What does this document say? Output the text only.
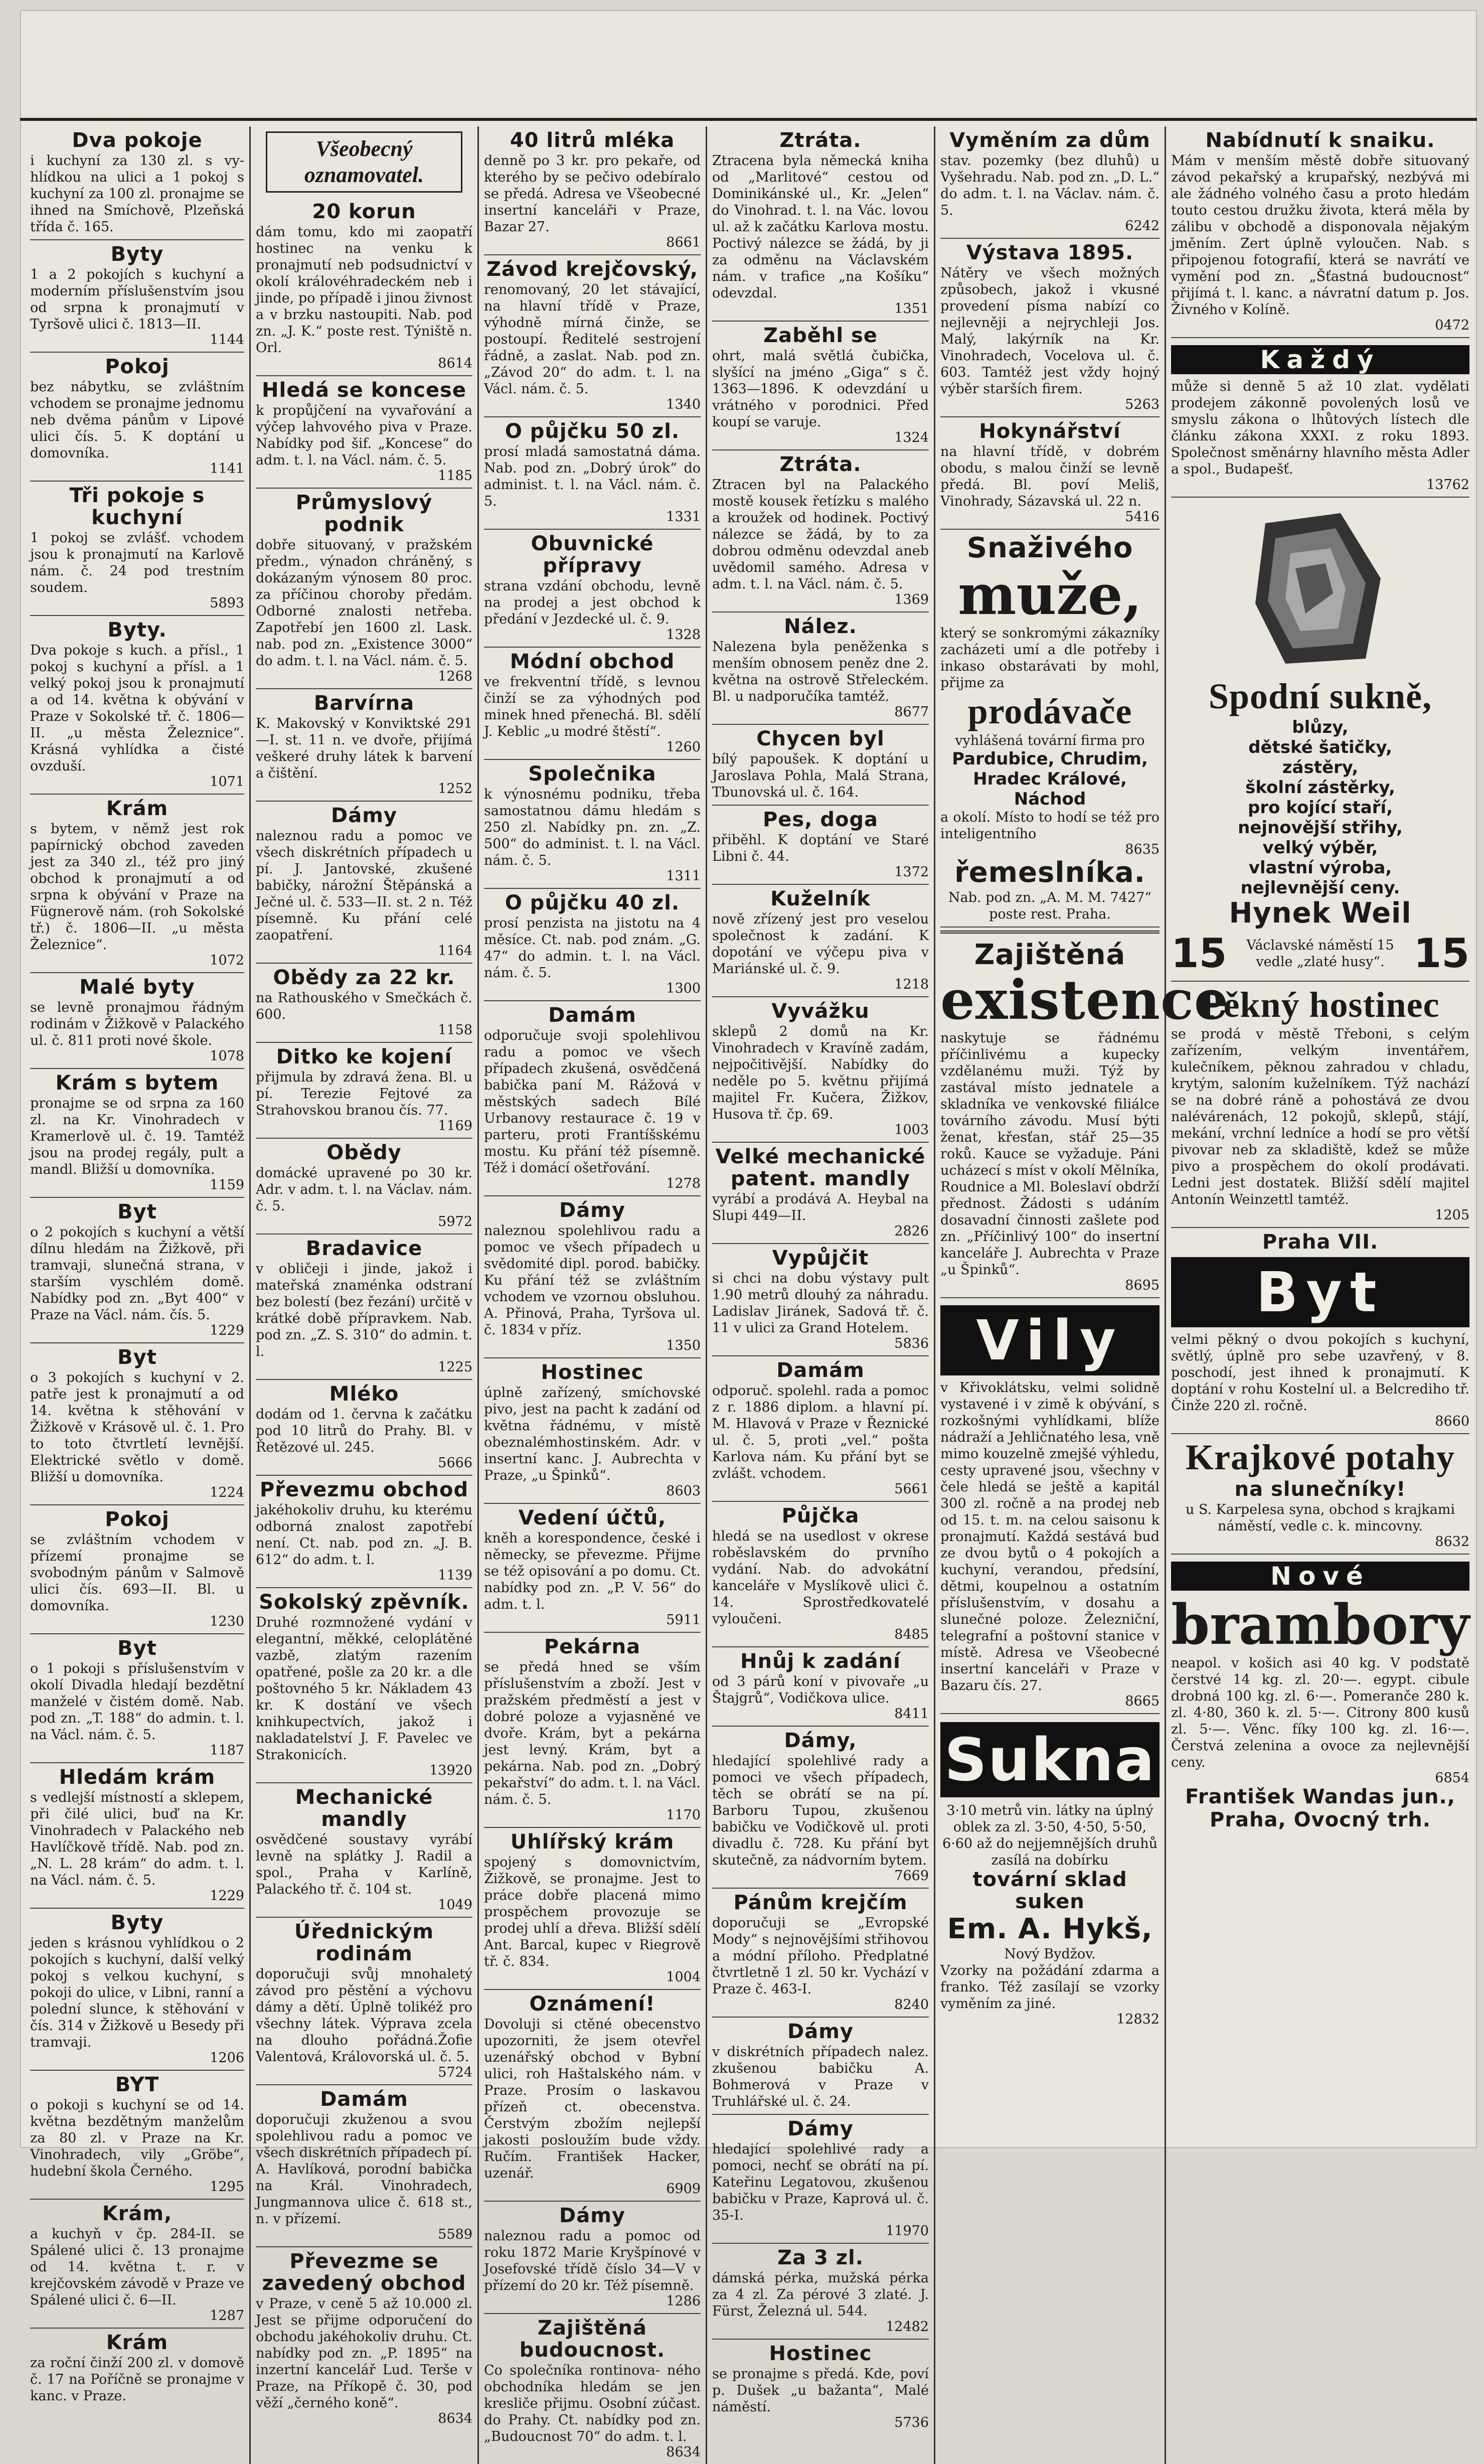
Dva pokoje
i kuchyní za 130 zl. s vy- hlídkou na ulici a 1 pokoj s kuchyní za 100 zl. pronajme se ihned na Smíchově, Plzeňská třída č. 165.
Byty
1 a 2 pokojích s kuchyní a moderním příslušenstvím jsou od srpna k pronajmutí v Tyršově ulici č. 1813—II.
1144
Pokoj
bez nábytku, se zvláštním vchodem se pronajme jednomu neb dvěma pánům v Lipové ulici čís. 5. K doptání u domovníka.
1141
Tři pokoje s kuchyní
1 pokoj se zvlášť. vchodem jsou k pronajmutí na Karlově nám. č. 24 pod trestním soudem.
5893
Byty.
Dva pokoje s kuch. a přísl., 1 pokoj s kuchyní a přísl. a 1 velký pokoj jsou k pronajmutí a od 14. května k obývání v Praze v Sokolské tř. č. 1806—II. „u města Železnice“. Krásná vyhlídka a čisté ovzduší.
1071
Krám
s bytem, v němž jest rok papírnický obchod zaveden jest za 340 zl., též pro jiný obchod k pronajmutí a od srpna k obývání v Praze na Fügnerově nám. (roh Sokolské tř.) č. 1806—II. „u města Železnice“.
1072
Malé byty
se levně pronajmou řádným rodinám v Žižkově v Palackého ul. č. 811 proti nové škole.
1078
Krám s bytem
pronajme se od srpna za 160 zl. na Kr. Vinohradech v Kramerlově ul. č. 19. Tamtéž jsou na prodej regály, pult a mandl. Bližší u domovníka.
1159
Byt
o 2 pokojích s kuchyní a větší dílnu hledám na Žižkově, při tramvaji, slunečná strana, v starším vyschlém domě. Nabídky pod zn. „Byt 400“ v Praze na Václ. nám. čís. 5.
1229
Byt
o 3 pokojích s kuchyní v 2. patře jest k pronajmutí a od 14. května k stěhování v Žižkově v Krásově ul. č. 1. Pro to toto čtvrtletí levnější. Elektrické světlo v domě. Bližší u domovníka.
1224
Pokoj
se zvláštním vchodem v přízemí pronajme se svobodným pánům v Salmově ulici čís. 693—II. Bl. u domovníka.
1230
Byt
o 1 pokoji s příslušenstvím v okolí Divadla hledají bezdětní manželé v čistém domě. Nab. pod zn. „T. 188“ do admin. t. l. na Václ. nám. č. 5.
1187
Hledám krám
s vedlejší místností a sklepem, při čilé ulici, buď na Kr. Vinohradech v Palackého neb Havlíčkově třídě. Nab. pod zn. „N. L. 28 krám“ do adm. t. l. na Václ. nám. č. 5.
1229
Byty
jeden s krásnou vyhlídkou o 2 pokojích s kuchyní, další velký pokoj s velkou kuchyní, s pokoji do ulice, v Libni, ranní a polední slunce, k stěhování v čís. 314 v Žižkově u Besedy při tramvaji.
1206
BYT
o pokoji s kuchyní se od 14. května bezdětným manželům za 80 zl. v Praze na Kr. Vinohradech, vily „Gröbe“, hudební škola Černého.
1295
Krám,
a kuchyň v čp. 284-II. se Spálené ulici č. 13 pronajme od 14. května t. r. v krejčovském závodě v Praze ve Spálené ulici č. 6—II.
1287
Krám
za roční činží 200 zl. v domově č. 17 na Poříčně se pronajme v kanc. v Praze.
Všeobecný oznamovatel.
20 korun
dám tomu, kdo mi zaopatří hostinec na venku k pronajmutí neb podsudnictví v okolí královéhradeckém neb i jinde, po případě i jinou živnost a v brzku nastoupiti. Nab. pod zn. „J. K.“ poste rest. Týniště n. Orl.
8614
Hledá se koncese
k propůjčení na vyvařování a výčep lahvového piva v Praze. Nabídky pod šif. „Koncese“ do adm. t. l. na Václ. nám. č. 5.
1185
Průmyslový podnik
dobře situovaný, v pražském předm., výnadon chráněný, s dokázaným výnosem 80 proc. za příčinou choroby předám. Odborné znalosti netřeba. Zapotřebí jen 1600 zl. Lask. nab. pod zn. „Existence 3000“ do adm. t. l. na Václ. nám. č. 5.
1268
Barvírna
K. Makovský v Konviktské 291—I. st. 11 n. ve dvoře, přijímá veškeré druhy látek k barvení a čištění.
1252
Dámy
naleznou radu a pomoc ve všech diskrétních případech u pí. J. Jantovské, zkušené babičky, nárožní Štěpánská a Ječné ul. č. 533—II. st. 2 n. Též písemně. Ku přání celé zaopatření.
1164
Obědy za 22 kr.
na Rathouského v Smečkách č. 600.
1158
Ditko ke kojení
přijmula by zdravá žena. Bl. u pí. Terezie Fejtové za Strahovskou branou čís. 77.
1169
Obědy
domácké upravené po 30 kr. Adr. v adm. t. l. na Václav. nám. č. 5.
5972
Bradavice
v obličeji i jinde, jakož i mateřská znaménka odstraní bez bolestí (bez řezání) určitě v krátké době přípravkem. Nab. pod zn. „Z. S. 310“ do admin. t. l.
1225
Mléko
dodám od 1. června k začátku pod 10 litrů do Prahy. Bl. v Řetězové ul. 245.
5666
Převezmu obchod
jakéhokoliv druhu, ku kterému odborná znalost zapotřebí není. Ct. nab. pod zn. „J. B. 612“ do adm. t. l.
1139
Sokolský zpěvník.
Druhé rozmnožené vydání v elegantní, měkké, celoplátěné vazbě, zlatým razením opatřené, pošle za 20 kr. a dle poštovného 5 kr. Nákladem 43 kr. K dostání ve všech knihkupectvích, jakož i nakladatelství J. F. Pavelec ve Strakonicích.
13920
Mechanické mandly
osvědčené soustavy vyrábí levně na splátky J. Radil a spol., Praha v Karlíně, Palackého tř. č. 104 st.
1049
Úřednickým rodinám
doporučuji svůj mnohaletý závod pro pěstění a výchovu dámy a dětí. Úplně tolikéž pro všechny látek. Výprava zcela na dlouho pořádná.Žofie Valentová, Královorská ul. č. 5.
5724
Damám
doporučuji zkuženou a svou spolehlivou radu a pomoc ve všech diskrétních případech pí. A. Havlíková, porodní babička na Král. Vinohradech, Jungmannova ulice č. 618 st., n. v přízemí.
5589
Převezme se zavedený obchod
v Praze, v ceně 5 až 10.000 zl. Jest se přijme odporučení do obchodu jakéhokoliv druhu. Ct. nabídky pod zn. „P. 1895“ na inzertní kancelář Lud. Terše v Praze, na Příkopě č. 30, pod věží „černého koně“.
8634
40 litrů mléka
denně po 3 kr. pro pekaře, od kterého by se pečivo odebíralo se předá. Adresa ve Všeobecné insertní kanceláři v Praze, Bazar 27.
8661
Závod krejčovský,
renomovaný, 20 let stávající, na hlavní třídě v Praze, výhodně mírná činže, se postoupí. Ředitelé sestrojení řádně, a zaslat. Nab. pod zn. „Závod 20“ do adm. t. l. na Václ. nám. č. 5.
1340
O půjčku 50 zl.
prosí mladá samostatná dáma. Nab. pod zn. „Dobrý úrok“ do administ. t. l. na Václ. nám. č. 5.
1331
Obuvnické přípravy
strana vzdání obchodu, levně na prodej a jest obchod k předání v Jezdecké ul. č. 9.
1328
Módní obchod
ve frekventní třídě, s levnou činží se za výhodných pod minek hned přenechá. Bl. sdělí J. Keblic „u modré štěstí“.
1260
Společnika
k výnosnému podniku, třeba samostatnou dámu hledám s 250 zl. Nabídky pn. zn. „Z. 500“ do administ. t. l. na Václ. nám. č. 5.
1311
O půjčku 40 zl.
prosí penzista na jistotu na 4 měsíce. Ct. nab. pod znám. „G. 47“ do admin. t. l. na Václ. nám. č. 5.
1300
Damám
odporučuje svoji spolehlivou radu a pomoc ve všech případech zkušená, osvědčená babička paní M. Rážová v městských sadech Bílé Urbanovy restaurace č. 19 v parteru, proti Frantíšskému mostu. Ku přání též písemně. Též i domácí ošetřování.
1278
Dámy
naleznou spolehlivou radu a pomoc ve všech případech u svědomité dipl. porod. babičky. Ku přání též se zvláštním vchodem ve vzornou obsluhou. A. Přinová, Praha, Tyršova ul. č. 1834 v příz.
1350
Hostinec
úplně zařízený, smíchovské pivo, jest na pacht k zadání od května řádnému, v místě obeznalémhostinském. Adr. v insertní kanc. J. Aubrechta v Praze, „u Špinků“.
8603
Vedení účtů,
kněh a korespondence, české i německy, se převezme. Přijme se též opisování a po domu. Ct. nabídky pod zn. „P. V. 56“ do adm. t. l.
5911
Pekárna
se předá hned se vším příslušenstvím a zboží. Jest v pražském předměstí a jest v dobré poloze a vyjasněné ve dvoře. Krám, byt a pekárna jest levný. Krám, byt a pekárna. Nab. pod zn. „Dobrý pekařství“ do adm. t. l. na Václ. nám. č. 5.
1170
Uhlířský krám
spojený s domovnictvím, Žižkově, se pronajme. Jest to práce dobře placená mimo prospěchem provozuje se prodej uhlí a dřeva. Bližší sdělí Ant. Barcal, kupec v Riegrově tř. č. 834.
1004
Oznámení!
Dovoluji si ctěné obecenstvo upozorniti, že jsem otevřel uzenářský obchod v Bybní ulici, roh Haštalského nám. v Praze. Prosím o laskavou přízeň ct. obecenstva. Čerstvým zbožím nejlepší jakosti posloužím bude vždy. Ručím. František Hacker, uzenář.
6909
Dámy
naleznou radu a pomoc od roku 1872 Marie Kryšpínové v Josefovské třídě číslo 34—V v přízemí do 20 kr. Též písemně.
1286
Zajištěná budoucnost.
Co společníka rontinova- ného obchodníka hledám se jen kresliče přijmu. Osobní zúčast. do Prahy. Ct. nabídky pod zn. „Budoucnost 70“ do adm. t. l.
8634
Ztráta.
Ztracena byla německá kniha od „Marlitové“ cestou od Dominikánské ul., Kr. „Jelen“ do Vinohrad. t. l. na Vác. lovou ul. až k začátku Karlova mostu. Poctivý nálezce se žádá, by ji za odměnu na Václavském nám. v trafice „na Košíku“ odevzdal.
1351
Zaběhl se
ohrt, malá světlá čubička, slyšící na jméno „Giga“ s č. 1363—1896. K odevzdání u vrátného v porodnici. Před koupí se varuje.
1324
Ztráta.
Ztracen byl na Palackého mostě kousek řetízku s malého a kroužek od hodinek. Poctivý nálezce se žádá, by to za dobrou odměnu odevzdal aneb uvědomil samého. Adresa v adm. t. l. na Václ. nám. č. 5.
1369
Nález.
Nalezena byla peněženka s menším obnosem peněz dne 2. května na ostrově Střeleckém. Bl. u nadporučíka tamtéž.
8677
Chycen byl
bílý papoušek. K doptání u Jaroslava Pohla, Malá Strana, Tbunovská ul. č. 164.
Pes, doga
přiběhl. K doptání ve Staré Libni č. 44.
1372
Kuželník
nově zřízený jest pro veselou společnost k zadání. K dopotání ve výčepu piva v Mariánské ul. č. 9.
1218
Vyvážku
sklepů 2 domů na Kr. Vinohradech v Kravíně zadám, nejpočitivější. Nabídky do neděle po 5. květnu přijímá majitel Fr. Kučera, Žižkov, Husova tř. čp. 69.
1003
Velké mechanické patent. mandly
vyrábí a prodává A. Heybal na Slupi 449—II.
2826
Vypůjčit
si chci na dobu výstavy pult 1.90 metrů dlouhý za náhradu. Ladislav Jiránek, Sadová tř. č. 11 v ulici za Grand Hotelem.
5836
Damám
odporuč. spolehl. rada a pomoc z r. 1886 diplom. a hlavní pí. M. Hlavová v Praze v Řeznické ul. č. 5, proti „vel.“ pošta Karlova nám. Ku přání byt se zvlášt. vchodem.
5661
Půjčka
hledá se na usedlost v okrese roběslavském do prvního vydání. Nab. do advokátní kanceláře v Myslíkově ulici č. 14. Sprostředkovatelé vyloučeni.
8485
Hnůj k zadání
od 3 párů koní v pivovaře „u Štajgrů“, Vodičkova ulice.
8411
Dámy,
hledající spolehlivé rady a pomoci ve všech případech, těch se obrátí se na pí. Barboru Tupou, zkušenou babičku ve Vodičkově ul. proti divadlu č. 728. Ku přání byt skutečně, za nádvorním bytem.
7669
Pánům krejčím
doporučuji se „Evropské Mody“ s nejnovějšími střihovou a módní příloho. Předplatné čtvrtletně 1 zl. 50 kr. Vychází v Praze č. 463-I.
8240
Dámy
v diskrétních případech nalez. zkušenou babičku A. Bohmerová v Praze v Truhlářské ul. č. 24.
Dámy
hledající spolehlivé rady a pomoci, nechť se obrátí na pí. Kateřinu Legatovou, zkušenou babičku v Praze, Kaprová ul. č. 35-I.
11970
Za 3 zl.
dámská pérka, mužská pérka za 4 zl. Za pérové 3 zlaté. J. Fürst, Železná ul. 544.
12482
Hostinec
se pronajme s předá. Kde, poví p. Dušek „u bažanta“, Malé náměstí.
5736
Vyměním za dům
stav. pozemky (bez dluhů) u Vyšehradu. Nab. pod zn. „D. L.“ do adm. t. l. na Václav. nám. č. 5.
6242
Výstava 1895.
Nátěry ve všech možných způsobech, jakož i vkusné provedení písma nabízí co nejlevněji a nejrychleji Jos. Malý, lakýrník na Kr. Vinohradech, Vocelova ul. č. 603. Tamtéž jest vždy hojný výběr starších firem.
5263
Hokynářství
na hlavní třídě, v dobrém obodu, s malou činží se levně předá. Bl. poví Meliš, Vinohrady, Sázavská ul. 22 n.
5416
Snaživého
muže,
který se sonkromými zákazníky zacházeti umí a dle potřeby i inkaso obstarávati by mohl, přijme za
prodávače
vyhlášená tovární firma pro
Pardubice, Chrudim, Hradec Králové, Náchod
a okolí. Místo to hodí se též pro inteligentního
8635
řemeslníka.
Nab. pod zn. „A. M. M. 7427“ poste rest. Praha.
Zajištěná
existence
naskytuje se řádnému příčinlivému a kupecky vzdělanému muži. Týž by zastával místo jednatele a skladníka ve venkovské filiálce továrního závodu. Musí býti ženat, křesťan, stář 25—35 roků. Kauce se vyžaduje. Páni ucházecí s míst v okolí Mělníka, Roudnice a Ml. Boleslaví obdrží přednost. Žádosti s udáním dosavadní činnosti zašlete pod zn. „Příčinlivý 100“ do insertní kanceláře J. Aubrechta v Praze „u Špinků“.
8695
Vily
v Křivoklátsku, velmi solidně vystavené i v zimě k obývání, s rozkošnými vyhlídkami, blíže nádraží a Jehličnatého lesa, vně mimo kouzelně zmejšé výhledu, cesty upravené jsou, všechny v čele hledá se ještě a kapitál 300 zl. ročně a na prodej neb od 15. t. m. na celou saisonu k pronajmutí. Každá sestává bud ze dvou bytů o 4 pokojích a kuchyní, verandou, předsíní, dětmi, koupelnou a ostatním příslušenstvím, v dosahu a slunečné poloze. Železniční, telegrafní a poštovní stanice v místě. Adresa ve Všeobecné insertní kanceláři v Praze v Bazaru čís. 27.
8665
Sukna
3·10 metrů vin. látky na úplný oblek za zl. 3·50, 4·50, 5·50, 6·60 až do nejjemnějších druhů zasílá na dobírku
tovární sklad suken
Em. A. Hykš,
Nový Bydžov.
Vzorky na požádání zdarma a franko. Též zasílají se vzorky vyměním za jiné.
12832
Nabídnutí k snaiku.
Mám v menším městě dobře situovaný závod pekařský a krupařský, nezbývá mi ale žádného volného času a proto hledám touto cestou družku života, která měla by zálibu v obchodě a disponovala nějakým jměním. Zert úplně vyloučen. Nab. s připojenou fotografií, která se navrátí ve vymění pod zn. „Šťastná budoucnost“ přijímá t. l. kanc. a návratní datum p. Jos. Živného v Kolíně.
0472
Každý
může si denně 5 až 10 zlat. vydělati prodejem zákonně povolených losů ve smyslu zákona o lhůtových lístech dle článku zákona XXXI. z roku 1893. Společnost směnárny hlavního města Adler a spol., Budapešť.
13762
Spodní sukně,
blůzy,
dětské šatičky,
zástěry,
školní zástěrky,
pro kojící staří,
nejnovější střihy,
velký výběr,
vlastní výroba,
nejlevnější ceny.
Hynek Weil
15	Václavské náměstí 15 vedle „zlaté husy“. 15
Pěkný hostinec
se prodá v městě Třeboni, s celým zařízením, velkým inventářem, kulečníkem, pěknou zahradou v chladu, krytým, saloním kuželníkem. Týž nachází se na dobré ráně a pohostává ze dvou nalévárenách, 12 pokojů, sklepů, stájí, mekání, vrchní ledníce a hodí se pro větší pivovar neb za skladiště, kdež se může pivo a prospěchem do okolí prodávati. Ledni jest dostatek. Bližší sdělí majitel Antonín Weinzettl tamtéž.
1205
Praha VII.
Byt
velmi pěkný o dvou pokojích s kuchyní, světlý, úplně pro sebe uzavřený, v 8. poschodí, jest ihned k pronajmutí. K doptání v rohu Kostelní ul. a Belcrediho tř. Činže 220 zl. ročně.
8660
Krajkové potahy
na slunečníky!
u S. Karpelesa syna, obchod s krajkami náměstí, vedle c. k. mincovny.
8632
Nové
brambory
neapol. v košich asi 40 kg. V podstatě čerstvé 14 kg. zl. 20·—. egypt. cibule drobná 100 kg. zl. 6·—. Pomeranče 280 k. zl. 4·80, 360 k. zl. 5·—. Citrony 800 kusů zl. 5·—. Věnc. fíky 100 kg. zl. 16·—. Čerstvá zelenina a ovoce za nejlevnější ceny.
6854
František Wandas jun.,
Praha, Ovocný trh.
